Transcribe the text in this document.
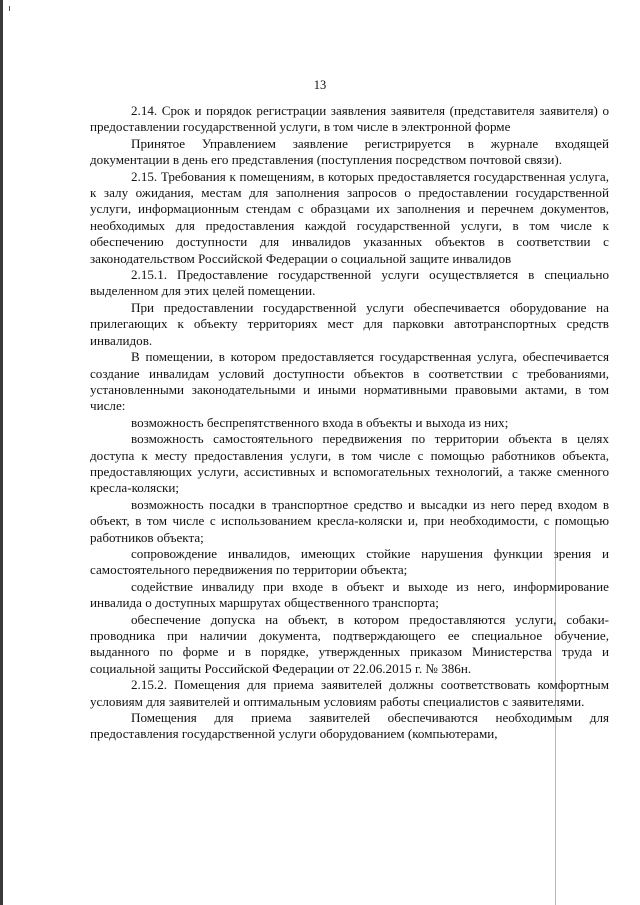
13

2.14. Срок и порядок регистрации заявления заявителя (представителя заявителя) о предоставлении государственной услуги, в том числе в электронной форме

Принятое Управлением заявление регистрируется в журнале входящей документации в день его представления (поступления посредством почтовой связи).

2.15. Требования к помещениям, в которых предоставляется государственная услуга, к залу ожидания, местам для заполнения запросов о предоставлении государственной услуги, информационным стендам с образцами их заполнения и перечнем документов, необходимых для предоставления каждой государственной услуги, в том числе к обеспечению доступности для инвалидов указанных объектов в соответствии с законодательством Российской Федерации о социальной защите инвалидов

2.15.1. Предоставление государственной услуги осуществляется в специально выделенном для этих целей помещении.

При предоставлении государственной услуги обеспечивается оборудование на прилегающих к объекту территориях мест для парковки автотранспортных средств инвалидов.

В помещении, в котором предоставляется государственная услуга, обеспечивается создание инвалидам условий доступности объектов в соответствии с требованиями, установленными законодательными и иными нормативными правовыми актами, в том числе:

возможность беспрепятственного входа в объекты и выхода из них;

возможность самостоятельного передвижения по территории объекта в целях доступа к месту предоставления услуги, в том числе с помощью работников объекта, предоставляющих услуги, ассистивных и вспомогательных технологий, а также сменного кресла-коляски;

возможность посадки в транспортное средство и высадки из него перед входом в объект, в том числе с использованием кресла-коляски и, при необходимости, с помощью работников объекта;

сопровождение инвалидов, имеющих стойкие нарушения функции зрения и самостоятельного передвижения по территории объекта;

содействие инвалиду при входе в объект и выходе из него, информирование инвалида о доступных маршрутах общественного транспорта;

обеспечение допуска на объект, в котором предоставляются услуги, собаки-проводника при наличии документа, подтверждающего ее специальное обучение, выданного по форме и в порядке, утвержденных приказом Министерства труда и социальной защиты Российской Федерации от 22.06.2015 г. № 386н.

2.15.2. Помещения для приема заявителей должны соответствовать комфортным условиям для заявителей и оптимальным условиям работы специалистов с заявителями.

Помещения для приема заявителей обеспечиваются необходимым для предоставления государственной услуги оборудованием (компьютерами,
